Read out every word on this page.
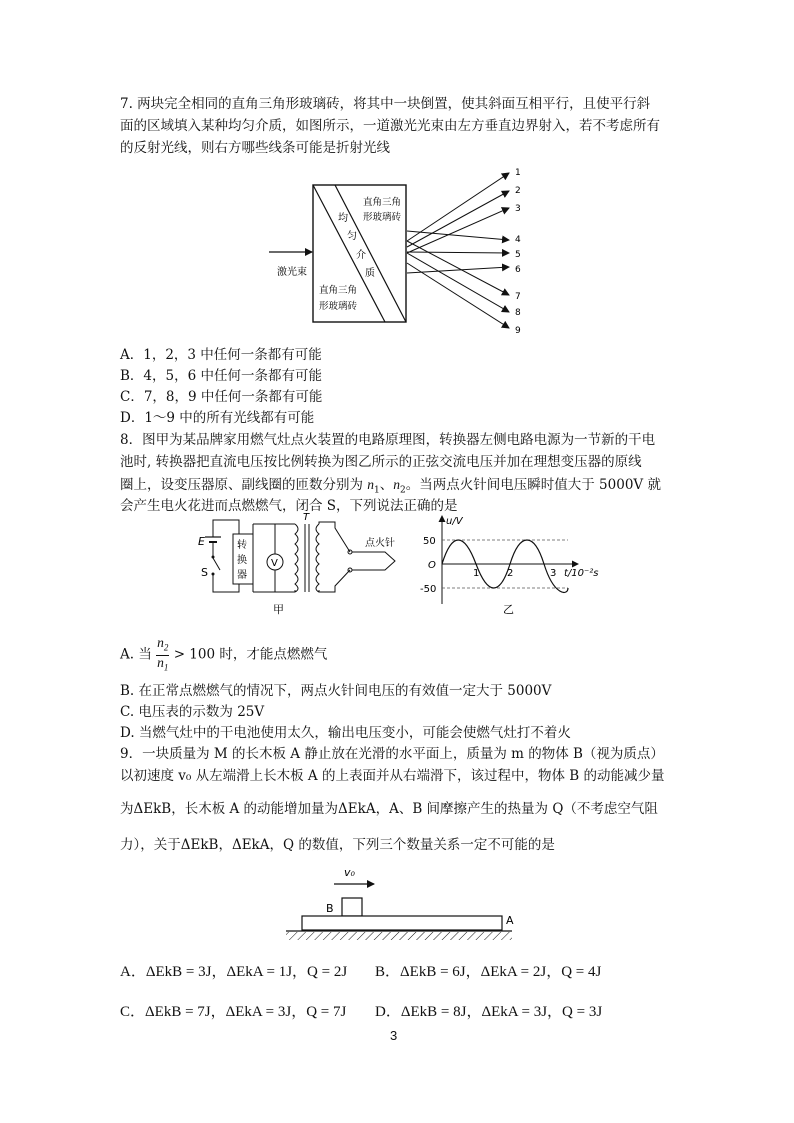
7. 两块完全相同的直角三角形玻璃砖，将其中一块倒置，使其斜面互相平行，且使平行斜

面的区域填入某种均匀介质，如图所示，一道激光光束由左方垂直边界射入，若不考虑所有

的反射光线，则右方哪些线条可能是折射光线

激光束
直角三角
形玻璃砖
均
匀
介
质
直角三角
形玻璃砖
1
2
3
4
5
6
7
8
9

A．1，2，3 中任何一条都有可能

B．4，5，6 中任何一条都有可能

C．7，8，9 中任何一条都有可能

D．1～9 中的所有光线都有可能

8．图甲为某品牌家用燃气灶点火装置的电路原理图，转换器左侧电路电源为一节新的干电

池时, 转换器把直流电压按比例转换为图乙所示的正弦交流电压并加在理想变压器的原线

圈上，设变压器原、副线圈的匝数分别为 $n_1$、$n_2$。当两点火针间电压瞬时值大于 5000V 就

会产生电火花进而点燃燃气，闭合 S，下列说法正确的是

E
S
转
换
器
V
T
点火针
甲
u/V
t/10⁻²s
50
O
-50
1	2	3
乙

A. 当 $\frac{n_2}{n_1} > 100$ 时，才能点燃燃气

B. 在正常点燃燃气的情况下，两点火针间电压的有效值一定大于 5000V

C. 电压表的示数为 25V

D. 当燃气灶中的干电池使用太久，输出电压变小，可能会使燃气灶打不着火

9．一块质量为 M 的长木板 A 静止放在光滑的水平面上，质量为 m 的物体 B（视为质点）

以初速度 v₀ 从左端滑上长木板 A 的上表面并从右端滑下，该过程中，物体 B 的动能减少量

为ΔEkB，长木板 A 的动能增加量为ΔEkA，A、B 间摩擦产生的热量为 Q（不考虑空气阻

力），关于ΔEkB，ΔEkA，Q 的数值，下列三个数量关系一定不可能的是

v₀
B
A

A．ΔEkB = 3J，ΔEkA = 1J，Q = 2J B．ΔEkB = 6J，ΔEkA = 2J，Q = 4J

C．ΔEkB = 7J，ΔEkA = 3J，Q = 7J D．ΔEkB = 8J，ΔEkA = 3J，Q = 3J

3
